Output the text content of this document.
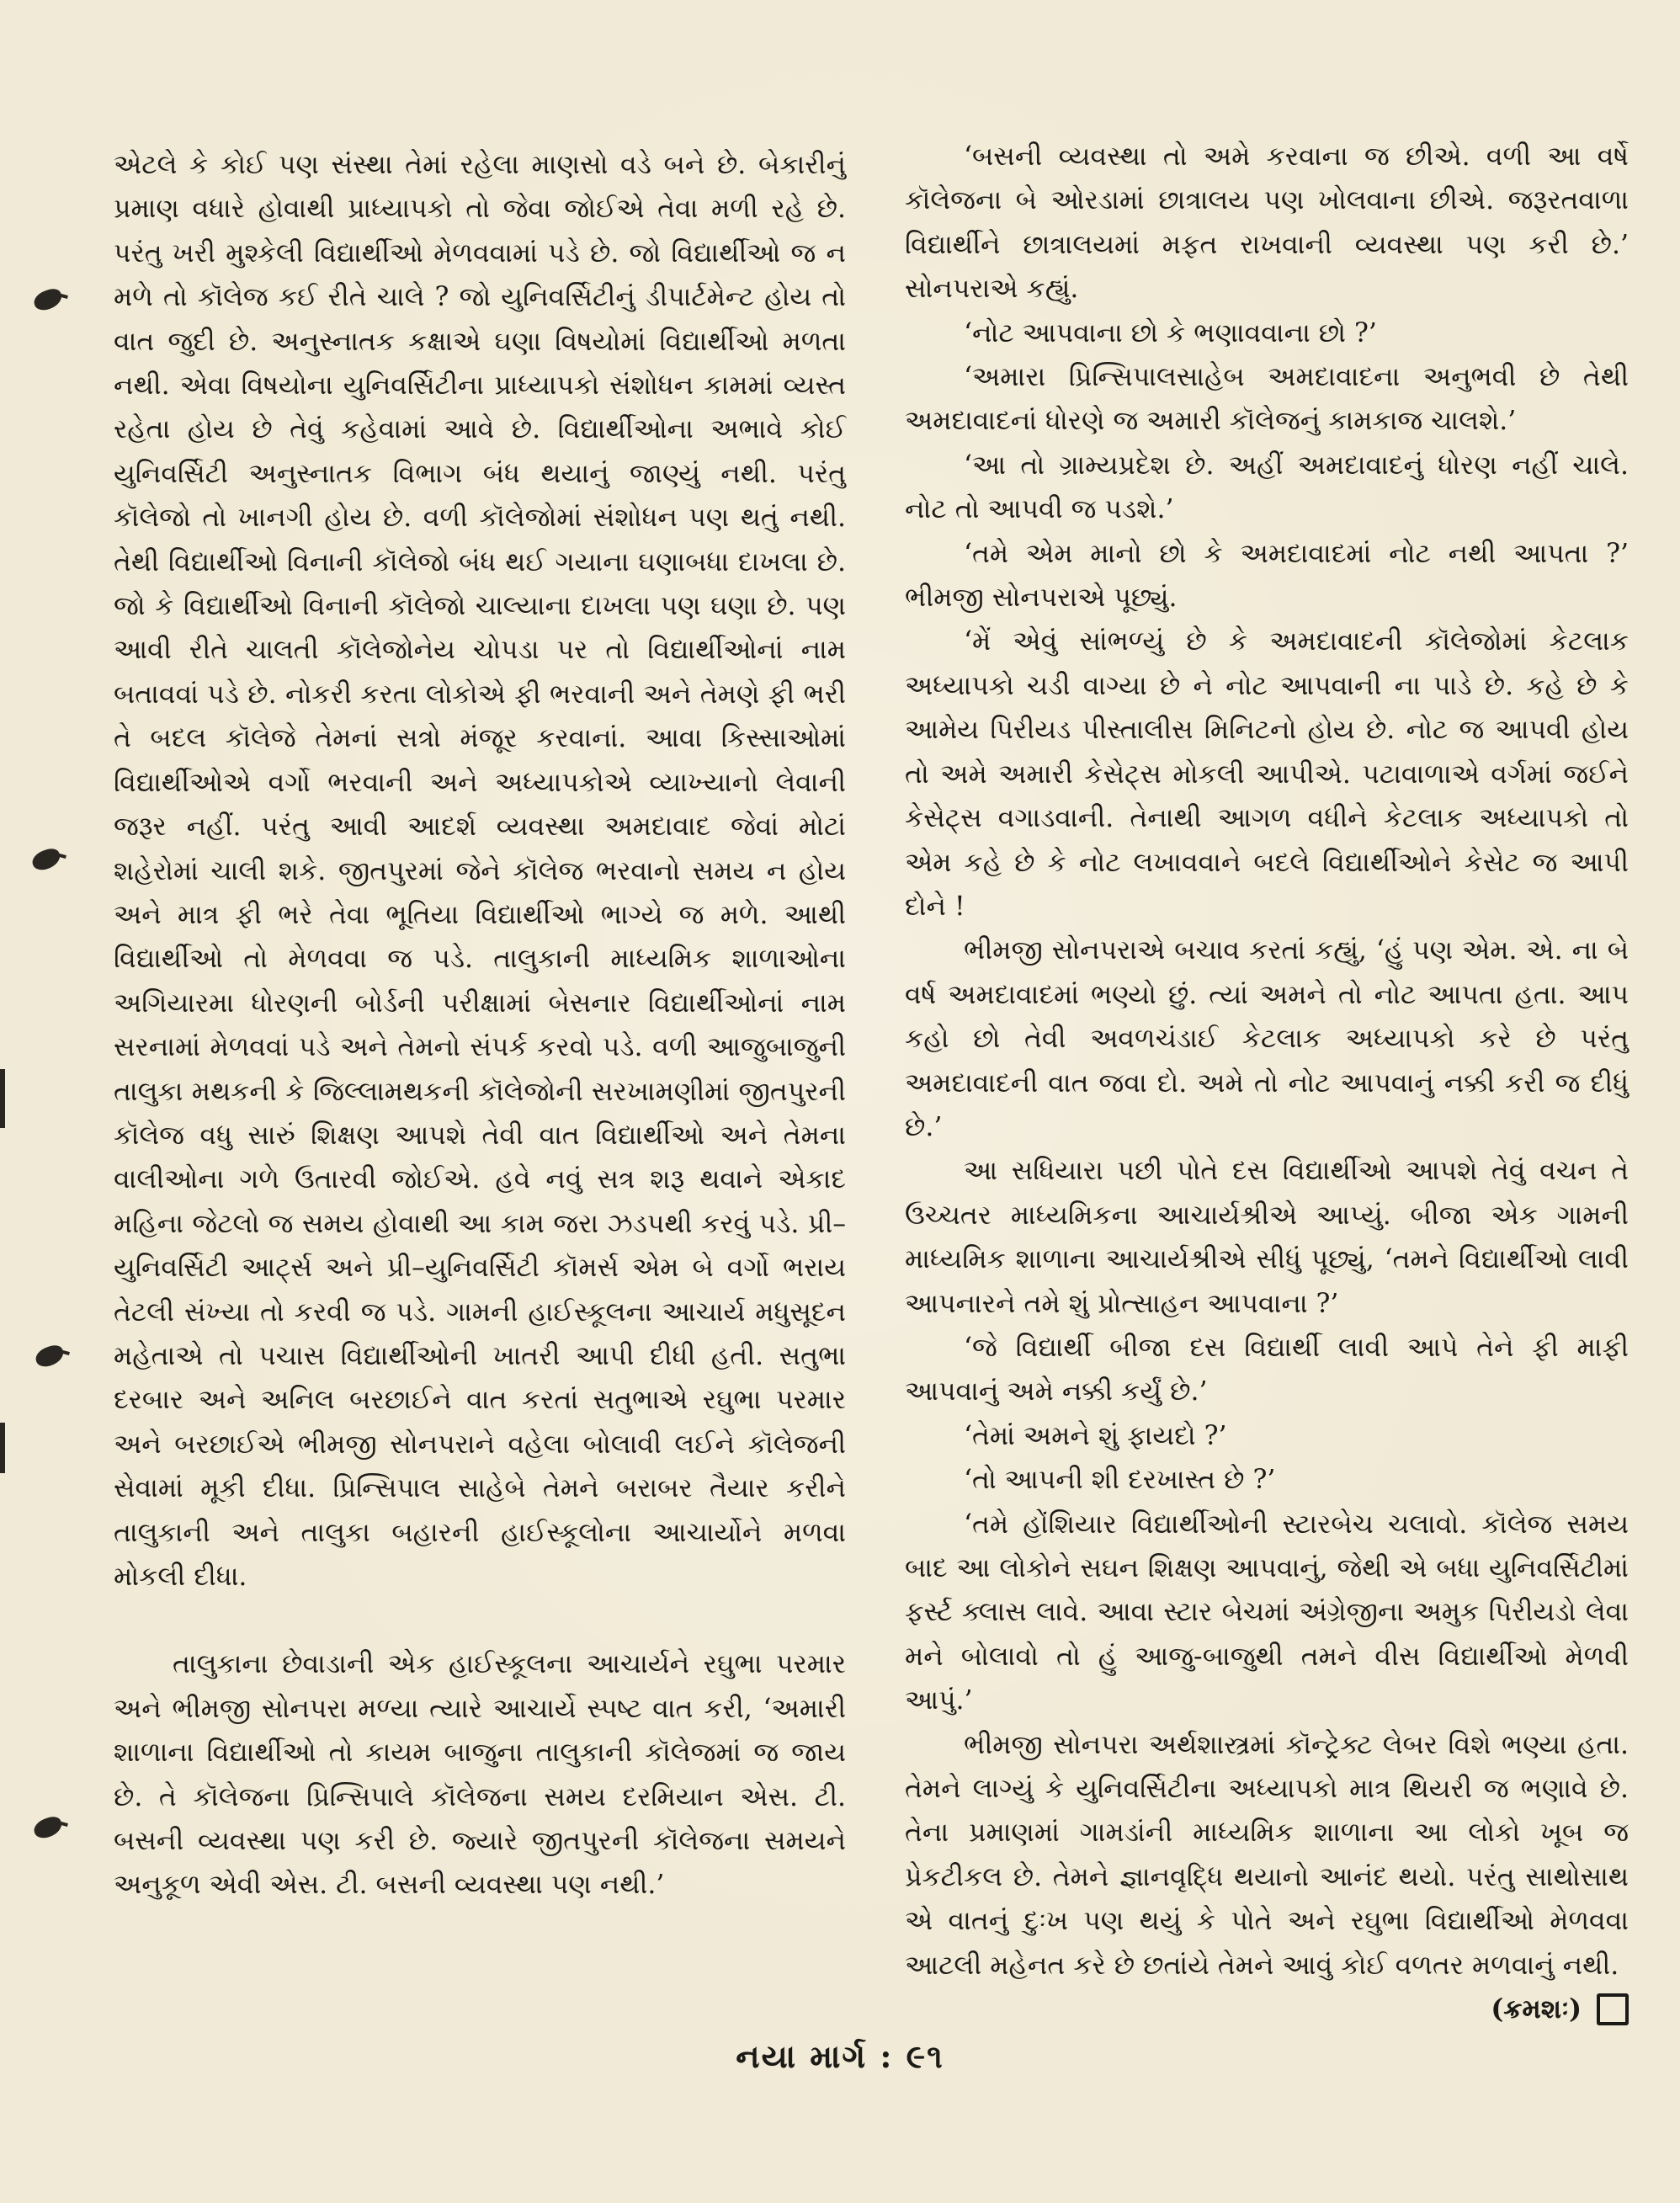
એટલે કે કોઈ પણ સંસ્થા તેમાં રહેલા માણસો વડે બને છે. બેકારીનું પ્રમાણ વધારે હોવાથી પ્રાધ્યાપકો તો જેવા જોઈએ તેવા મળી રહે છે. પરંતુ ખરી મુશ્કેલી વિદ્યાર્થીઓ મેળવવામાં પડે છે. જો વિદ્યાર્થીઓ જ ન મળે તો કૉલેજ કઈ રીતે ચાલે ? જો યુનિવર્સિટીનું ડીપાર્ટમેન્ટ હોય તો વાત જુદી છે. અનુસ્નાતક કક્ષાએ ઘણા વિષયોમાં વિદ્યાર્થીઓ મળતા નથી. એવા વિષયોના યુનિવર્સિટીના પ્રાધ્યાપકો સંશોધન કામમાં વ્યસ્ત રહેતા હોય છે તેવું કહેવામાં આવે છે. વિદ્યાર્થીઓના અભાવે કોઈ યુનિવર્સિટી અનુસ્નાતક વિભાગ બંધ થયાનું જાણ્યું નથી. પરંતુ કૉલેજો તો ખાનગી હોય છે. વળી કૉલેજોમાં સંશોધન પણ થતું નથી. તેથી વિદ્યાર્થીઓ વિનાની કૉલેજો બંધ થઈ ગયાના ઘણાબધા દાખલા છે. જો કે વિદ્યાર્થીઓ વિનાની કૉલેજો ચાલ્યાના દાખલા પણ ઘણા છે. પણ આવી રીતે ચાલતી કૉલેજોનેય ચોપડા પર તો વિદ્યાર્થીઓનાં નામ બતાવવાં પડે છે. નોકરી કરતા લોકોએ ફી ભરવાની અને તેમણે ફી ભરી તે બદલ કૉલેજે તેમનાં સત્રો મંજૂર કરવાનાં. આવા કિસ્સાઓમાં વિદ્યાર્થીઓએ વર્ગો ભરવાની અને અધ્યાપકોએ વ્યાખ્યાનો લેવાની જરૂર નહીં. પરંતુ આવી આદર્શ વ્યવસ્થા અમદાવાદ જેવાં મોટાં શહેરોમાં ચાલી શકે. જીતપુરમાં જેને કૉલેજ ભરવાનો સમય ન હોય અને માત્ર ફી ભરે તેવા ભૂતિયા વિદ્યાર્થીઓ ભાગ્યે જ મળે. આથી વિદ્યાર્થીઓ તો મેળવવા જ પડે. તાલુકાની માધ્યમિક શાળાઓના અગિયારમા ધોરણની બોર્ડની પરીક્ષામાં બેસનાર વિદ્યાર્થીઓનાં નામ સરનામાં મેળવવાં પડે અને તેમનો સંપર્ક કરવો પડે. વળી આજુબાજુની તાલુકા મથકની કે જિલ્લામથકની કૉલેજોની સરખામણીમાં જીતપુરની કૉલેજ વધુ સારું શિક્ષણ આપશે તેવી વાત વિદ્યાર્થીઓ અને તેમના વાલીઓના ગળે ઉતારવી જોઈએ. હવે નવું સત્ર શરૂ થવાને એકાદ મહિના જેટલો જ સમય હોવાથી આ કામ જરા ઝડપથી કરવું પડે. પ્રી–યુનિવર્સિટી આર્ટ્સ અને પ્રી–યુનિવર્સિટી કૉમર્સ એમ બે વર્ગો ભરાય તેટલી સંખ્યા તો કરવી જ પડે. ગામની હાઈસ્કૂલના આચાર્ય મધુસૂદન મહેતાએ તો પચાસ વિદ્યાર્થીઓની ખાતરી આપી દીધી હતી. સતુભા દરબાર અને અનિલ બરછાઈને વાત કરતાં સતુભાએ રઘુભા પરમાર અને બરછાઈએ ભીમજી સોનપરાને વહેલા બોલાવી લઈને કૉલેજની સેવામાં મૂકી દીધા. પ્રિન્સિપાલ સાહેબે તેમને બરાબર તૈયાર કરીને તાલુકાની અને તાલુકા બહારની હાઈસ્કૂલોના આચાર્યોને મળવા મોકલી દીધા.

તાલુકાના છેવાડાની એક હાઈસ્કૂલના આચાર્યને રઘુભા પરમાર અને ભીમજી સોનપરા મળ્યા ત્યારે આચાર્યે સ્પષ્ટ વાત કરી, ‘અમારી શાળાના વિદ્યાર્થીઓ તો કાયમ બાજુના તાલુકાની કૉલેજમાં જ જાય છે. તે કૉલેજના પ્રિન્સિપાલે કૉલેજના સમય દરમિયાન એસ. ટી. બસની વ્યવસ્થા પણ કરી છે. જ્યારે જીતપુરની કૉલેજના સમયને અનુકૂળ એવી એસ. ટી. બસની વ્યવસ્થા પણ નથી.’

‘બસની વ્યવસ્થા તો અમે કરવાના જ છીએ. વળી આ વર્ષે કૉલેજના બે ઓરડામાં છાત્રાલય પણ ખોલવાના છીએ. જરૂરતવાળા વિદ્યાર્થીને છાત્રાલયમાં મફત રાખવાની વ્યવસ્થા પણ કરી છે.’ સોનપરાએ કહ્યું.

‘નોટ આપવાના છો કે ભણાવવાના છો ?’

‘અમારા પ્રિન્સિપાલસાહેબ અમદાવાદના અનુભવી છે તેથી અમદાવાદનાં ધોરણે જ અમારી કૉલેજનું કામકાજ ચાલશે.’

‘આ તો ગ્રામ્યપ્રદેશ છે. અહીં અમદાવાદનું ધોરણ નહીં ચાલે. નોટ તો આપવી જ પડશે.’

‘તમે એમ માનો છો કે અમદાવાદમાં નોટ નથી આપતા ?’ ભીમજી સોનપરાએ પૂછ્યું.

‘મેં એવું સાંભળ્યું છે કે અમદાવાદની કૉલેજોમાં કેટલાક અધ્યાપકો ચડી વાગ્યા છે ને નોટ આપવાની ના પાડે છે. કહે છે કે આમેય પિરીયડ પીસ્તાલીસ મિનિટનો હોય છે. નોટ જ આપવી હોય તો અમે અમારી કેસેટ્સ મોકલી આપીએ. પટાવાળાએ વર્ગમાં જઈને કેસેટ્સ વગાડવાની. તેનાથી આગળ વધીને કેટલાક અધ્યાપકો તો એમ કહે છે કે નોટ લખાવવાને બદલે વિદ્યાર્થીઓને કેસેટ જ આપી દોને !

ભીમજી સોનપરાએ બચાવ કરતાં કહ્યું, ‘હું પણ એમ. એ. ના બે વર્ષ અમદાવાદમાં ભણ્યો છું. ત્યાં અમને તો નોટ આપતા હતા. આપ કહો છો તેવી અવળચંડાઈ કેટલાક અધ્યાપકો કરે છે પરંતુ અમદાવાદની વાત જવા દો. અમે તો નોટ આપવાનું નક્કી કરી જ દીધું છે.’

આ સધિયારા પછી પોતે દસ વિદ્યાર્થીઓ આપશે તેવું વચન તે ઉચ્ચતર માધ્યમિકના આચાર્યશ્રીએ આપ્યું. બીજા એક ગામની માધ્યમિક શાળાના આચાર્યશ્રીએ સીધું પૂછ્યું, ‘તમને વિદ્યાર્થીઓ લાવી આપનારને તમે શું પ્રોત્સાહન આપવાના ?’

‘જે વિદ્યાર્થી બીજા દસ વિદ્યાર્થી લાવી આપે તેને ફી માફી આપવાનું અમે નક્કી કર્યું છે.’

‘તેમાં અમને શું ફાયદો ?’

‘તો આપની શી દરખાસ્ત છે ?’

‘તમે હોંશિયાર વિદ્યાર્થીઓની સ્ટારબેચ ચલાવો. કૉલેજ સમય બાદ આ લોકોને સઘન શિક્ષણ આપવાનું, જેથી એ બધા યુનિવર્સિટીમાં ફર્સ્ટ ક્લાસ લાવે. આવા સ્ટાર બેચમાં અંગ્રેજીના અમુક પિરીયડો લેવા મને બોલાવો તો હું આજુ-બાજુથી તમને વીસ વિદ્યાર્થીઓ મેળવી આપું.’

ભીમજી સોનપરા અર્થશાસ્ત્રમાં કૉન્ટ્રેક્ટ લેબર વિશે ભણ્યા હતા. તેમને લાગ્યું કે યુનિવર્સિટીના અધ્યાપકો માત્ર થિયરી જ ભણાવે છે. તેના પ્રમાણમાં ગામડાંની માધ્યમિક શાળાના આ લોકો ખૂબ જ પ્રેકટીકલ છે. તેમને જ્ઞાનવૃદ્ધિ થયાનો આનંદ થયો. પરંતુ સાથોસાથ એ વાતનું દુઃખ પણ થયું કે પોતે અને રઘુભા વિદ્યાર્થીઓ મેળવવા આટલી મહેનત કરે છે છતાંયે તેમને આવું કોઈ વળતર મળવાનું નથી.

(ક્રમશઃ)
નયા માર્ગ : ૯૧
